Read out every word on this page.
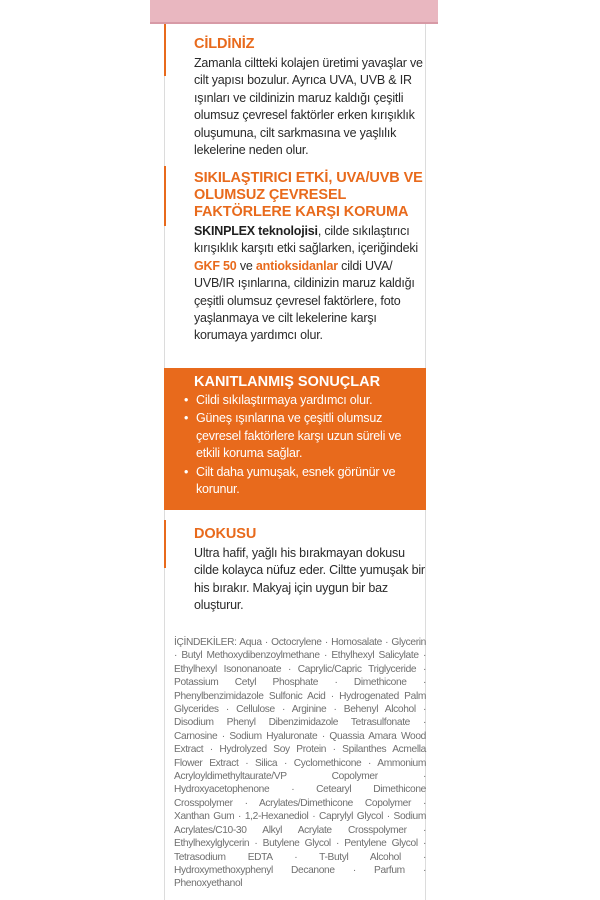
CİLDİNİZ

Zamanla ciltteki kolajen üretimi yavaşlar ve cilt yapısı bozulur. Ayrıca UVA, UVB & IR ışınları ve cildinizin maruz kaldığı çeşitli olumsuz çevresel faktörler erken kırışıklık oluşumuna, cilt sarkmasına ve yaşlılık lekelerine neden olur.

SIKILAŞTIRICI ETKİ, UVA/UVB VE OLUMSUZ ÇEVRESEL FAKTÖRLERE KARŞI KORUMA

SKINPLEX teknolojisi, cilde sıkılaştırıcı kırışıklık karşıtı etki sağlarken, içeriğindeki GKF 50 ve antioksidanlar cildi UVA/ UVB/IR ışınlarına, cildinizin maruz kaldığı çeşitli olumsuz çevresel faktörlere, foto yaşlanmaya ve cilt lekelerine karşı korumaya yardımcı olur.

KANITLANMIŞ SONUÇLAR
• Cildi sıkılaştırmaya yardımcı olur.
• Güneş ışınlarına ve çeşitli olumsuz çevresel faktörlere karşı uzun süreli ve etkili koruma sağlar.
• Cilt daha yumuşak, esnek görünür ve korunur.

DOKUSU

Ultra hafif, yağlı his bırakmayan dokusu cilde kolayca nüfuz eder. Ciltte yumuşak bir his bırakır. Makyaj için uygun bir baz oluşturur.

İÇİNDEKİLER: Aqua · Octocrylene · Homosalate · Glycerin · Butyl Methoxydibenzoylmethane · Ethylhexyl Salicylate · Ethylhexyl Isononanoate · Caprylic/Capric Triglyceride · Potassium Cetyl Phosphate · Dimethicone · Phenylbenzimidazole Sulfonic Acid · Hydrogenated Palm Glycerides · Cellulose · Arginine · Behenyl Alcohol · Disodium Phenyl Dibenzimidazole Tetrasulfonate · Carnosine · Sodium Hyaluronate · Quassia Amara Wood Extract · Hydrolyzed Soy Protein · Spilanthes Acmella Flower Extract · Silica · Cyclomethicone · Ammonium Acryloyldimethyltaurate/VP Copolymer · Hydroxyacetophenone · Cetearyl Dimethicone Crosspolymer · Acrylates/Dimethicone Copolymer · Xanthan Gum · 1,2-Hexanediol · Caprylyl Glycol · Sodium Acrylates/C10-30 Alkyl Acrylate Crosspolymer · Ethylhexylglycerin · Butylene Glycol · Pentylene Glycol · Tetrasodium EDTA · T-Butyl Alcohol · Hydroxymethoxyphenyl Decanone · Parfum · Phenoxyethanol
